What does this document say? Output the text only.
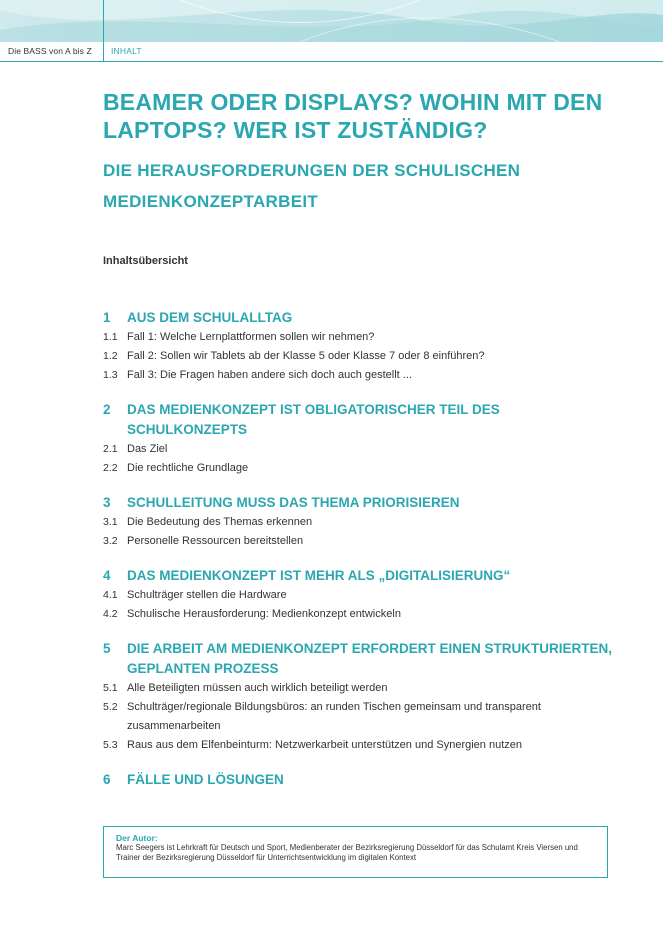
Die BASS von A bis Z INHALT
BEAMER ODER DISPLAYS? WOHIN MIT DEN LAPTOPS? WER IST ZUSTÄNDIG?
DIE HERAUSFORDERUNGEN DER SCHULISCHEN MEDIENKONZEPTARBEIT
Inhaltsübersicht
1	AUS DEM SCHULALLTAG
1.1 Fall 1: Welche Lernplattformen sollen wir nehmen?
1.2 Fall 2: Sollen wir Tablets ab der Klasse 5 oder Klasse 7 oder 8 einführen?
1.3 Fall 3: Die Fragen haben andere sich doch auch gestellt ...
2	DAS MEDIENKONZEPT IST OBLIGATORISCHER TEIL DES SCHULKONZEPTS
2.1 Das Ziel
2.2 Die rechtliche Grundlage
3	SCHULLEITUNG MUSS DAS THEMA PRIORISIEREN
3.1 Die Bedeutung des Themas erkennen
3.2 Personelle Ressourcen bereitstellen
4	DAS MEDIENKONZEPT IST MEHR ALS „DIGITALISIERUNG“
4.1 Schulträger stellen die Hardware
4.2 Schulische Herausforderung: Medienkonzept entwickeln
5	DIE ARBEIT AM MEDIENKONZEPT ERFORDERT EINEN STRUKTURIERTEN, GEPLANTEN PROZESS
5.1 Alle Beteiligten müssen auch wirklich beteiligt werden
5.2 Schulträger/regionale Bildungsbüros: an runden Tischen gemeinsam und transparent zusammenarbeiten
5.3 Raus aus dem Elfenbeinturm: Netzwerkarbeit unterstützen und Synergien nutzen
6	FÄLLE UND LÖSUNGEN
Der Autor:
Marc Seegers ist Lehrkraft für Deutsch und Sport, Medienberater der Bezirksregierung Düsseldorf für das Schulamt Kreis Viersen und Trainer der Bezirksregierung Düsseldorf für Unterrichtsentwicklung im digitalen Kontext
